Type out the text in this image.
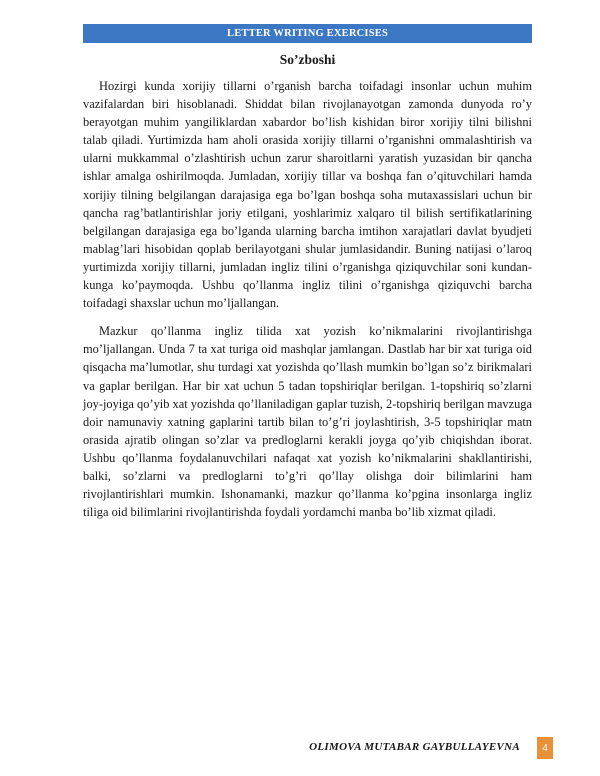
LETTER WRITING EXERCISES
So’zboshi

Hozirgi kunda xorijiy tillarni o’rganish barcha toifadagi insonlar uchun muhim vazifalardan biri hisoblanadi. Shiddat bilan rivojlanayotgan zamonda dunyoda ro’y berayotgan muhim yangiliklardan xabardor bo’lish kishidan biror xorijiy tilni bilishni talab qiladi. Yurtimizda ham aholi orasida xorijiy tillarni o’rganishni ommalashtirish va ularni mukkammal o’zlashtirish uchun zarur sharoitlarni yaratish yuzasidan bir qancha ishlar amalga oshirilmoqda. Jumladan, xorijiy tillar va boshqa fan o’qituvchilari hamda xorijiy tilning belgilangan darajasiga ega bo’lgan boshqa soha mutaxassislari uchun bir qancha rag’batlantirishlar joriy etilgani, yoshlarimiz xalqaro til bilish sertifikatlarining belgilangan darajasiga ega bo’lganda ularning barcha imtihon xarajatlari davlat byudjeti mablag’lari hisobidan qoplab berilayotgani shular jumlasidandir. Buning natijasi o’laroq yurtimizda xorijiy tillarni, jumladan ingliz tilini o’rganishga qiziquvchilar soni kundan-kunga ko’paymoqda. Ushbu qo’llanma ingliz tilini o’rganishga qiziquvchi barcha toifadagi shaxslar uchun mo’ljallangan.

Mazkur qo’llanma ingliz tilida xat yozish ko’nikmalarini rivojlantirishga mo’ljallangan. Unda 7 ta xat turiga oid mashqlar jamlangan. Dastlab har bir xat turiga oid qisqacha ma’lumotlar, shu turdagi xat yozishda qo’llash mumkin bo’lgan so’z birikmalari va gaplar berilgan. Har bir xat uchun 5 tadan topshiriqlar berilgan. 1-topshiriq so’zlarni joy-joyiga qo’yib xat yozishda qo’llaniladigan gaplar tuzish, 2-topshiriq berilgan mavzuga doir namunaviy xatning gaplarini tartib bilan to’g’ri joylashtirish, 3-5 topshiriqlar matn orasida ajratib olingan so’zlar va predloglarni kerakli joyga qo’yib chiqishdan iborat. Ushbu qo’llanma foydalanuvchilari nafaqat xat yozish ko’nikmalarini shakllantirishi, balki, so’zlarni va predloglarni to’g’ri qo’llay olishga doir bilimlarini ham rivojlantirishlari mumkin. Ishonamanki, mazkur qo’llanma ko’pgina insonlarga ingliz tiliga oid bilimlarini rivojlantirishda foydali yordamchi manba bo’lib xizmat qiladi.

OLIMOVA MUTABAR GAYBULLAYEVNA 4
